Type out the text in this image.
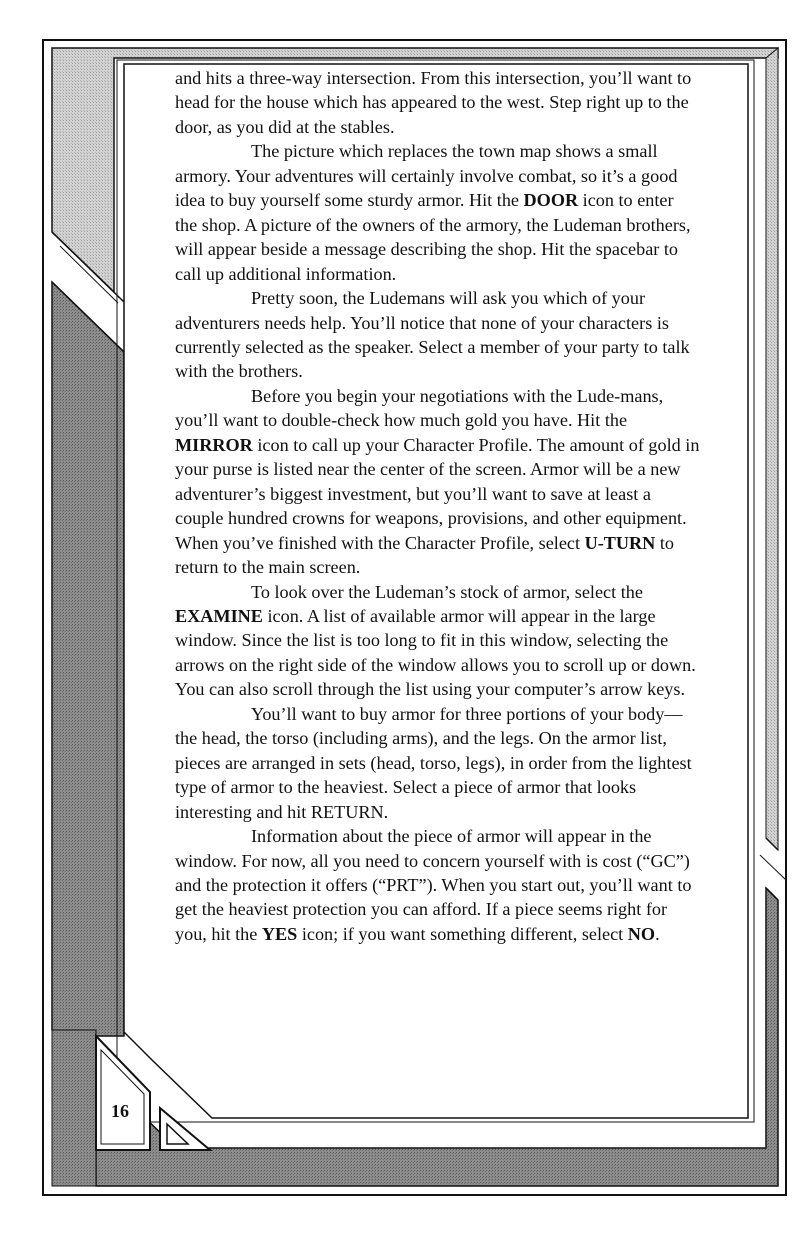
and hits a three-way intersection. From this intersection, you’ll want to head for the house which has appeared to the west. Step right up to the door, as you did at the stables.

The picture which replaces the town map shows a small armory. Your adventures will certainly involve combat, so it’s a good idea to buy yourself some sturdy armor. Hit the DOOR icon to enter the shop. A picture of the owners of the armory, the Ludeman brothers, will appear beside a message describing the shop. Hit the spacebar to call up additional information.

Pretty soon, the Ludemans will ask you which of your adventurers needs help. You’ll notice that none of your characters is currently selected as the speaker. Select a member of your party to talk with the brothers.

Before you begin your negotiations with the Lude-mans, you’ll want to double-check how much gold you have. Hit the MIRROR icon to call up your Character Profile. The amount of gold in your purse is listed near the center of the screen. Armor will be a new adventurer’s biggest investment, but you’ll want to save at least a couple hundred crowns for weapons, provisions, and other equipment. When you’ve finished with the Character Profile, select U-TURN to return to the main screen.

To look over the Ludeman’s stock of armor, select the EXAMINE icon. A list of available armor will appear in the large window. Since the list is too long to fit in this window, selecting the arrows on the right side of the window allows you to scroll up or down. You can also scroll through the list using your computer’s arrow keys.

You’ll want to buy armor for three portions of your body—the head, the torso (including arms), and the legs. On the armor list, pieces are arranged in sets (head, torso, legs), in order from the lightest type of armor to the heaviest. Select a piece of armor that looks interesting and hit RETURN.

Information about the piece of armor will appear in the window. For now, all you need to concern yourself with is cost (“GC”) and the protection it offers (“PRT”). When you start out, you’ll want to get the heaviest protection you can afford. If a piece seems right for you, hit the YES icon; if you want something different, select NO.

16
